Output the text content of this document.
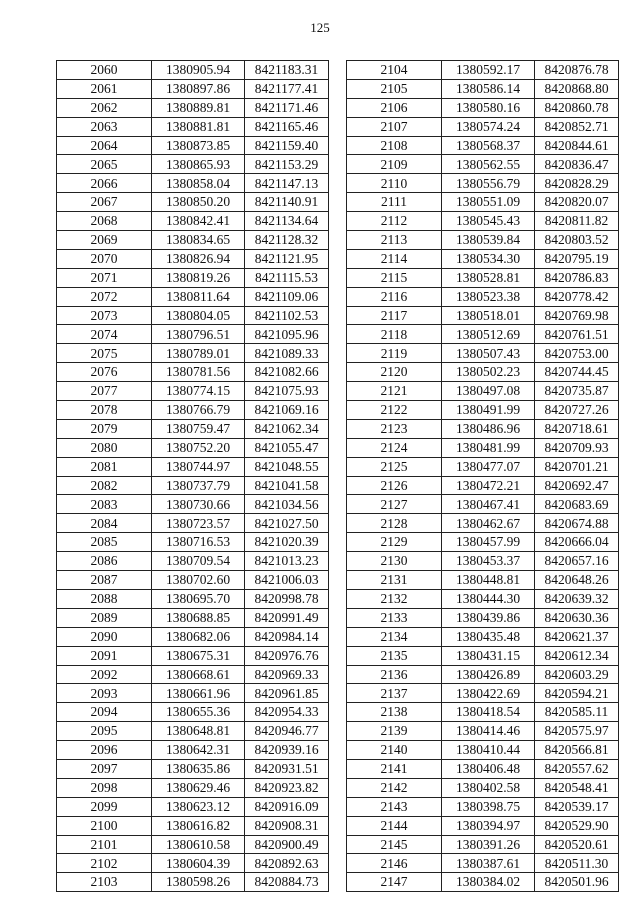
125
2060	1380905.94	8421183.31
2061	1380897.86	8421177.41
2062	1380889.81	8421171.46
2063	1380881.81	8421165.46
2064	1380873.85	8421159.40
2065	1380865.93	8421153.29
2066	1380858.04	8421147.13
2067	1380850.20	8421140.91
2068	1380842.41	8421134.64
2069	1380834.65	8421128.32
2070	1380826.94	8421121.95
2071	1380819.26	8421115.53
2072	1380811.64	8421109.06
2073	1380804.05	8421102.53
2074	1380796.51	8421095.96
2075	1380789.01	8421089.33
2076	1380781.56	8421082.66
2077	1380774.15	8421075.93
2078	1380766.79	8421069.16
2079	1380759.47	8421062.34
2080	1380752.20	8421055.47
2081	1380744.97	8421048.55
2082	1380737.79	8421041.58
2083	1380730.66	8421034.56
2084	1380723.57	8421027.50
2085	1380716.53	8421020.39
2086	1380709.54	8421013.23
2087	1380702.60	8421006.03
2088	1380695.70	8420998.78
2089	1380688.85	8420991.49
2090	1380682.06	8420984.14
2091	1380675.31	8420976.76
2092	1380668.61	8420969.33
2093	1380661.96	8420961.85
2094	1380655.36	8420954.33
2095	1380648.81	8420946.77
2096	1380642.31	8420939.16
2097	1380635.86	8420931.51
2098	1380629.46	8420923.82
2099	1380623.12	8420916.09
2100	1380616.82	8420908.31
2101	1380610.58	8420900.49
2102	1380604.39	8420892.63
2103	1380598.26	8420884.73
2104	1380592.17	8420876.78
2105	1380586.14	8420868.80
2106	1380580.16	8420860.78
2107	1380574.24	8420852.71
2108	1380568.37	8420844.61
2109	1380562.55	8420836.47
2110	1380556.79	8420828.29
2111	1380551.09	8420820.07
2112	1380545.43	8420811.82
2113	1380539.84	8420803.52
2114	1380534.30	8420795.19
2115	1380528.81	8420786.83
2116	1380523.38	8420778.42
2117	1380518.01	8420769.98
2118	1380512.69	8420761.51
2119	1380507.43	8420753.00
2120	1380502.23	8420744.45
2121	1380497.08	8420735.87
2122	1380491.99	8420727.26
2123	1380486.96	8420718.61
2124	1380481.99	8420709.93
2125	1380477.07	8420701.21
2126	1380472.21	8420692.47
2127	1380467.41	8420683.69
2128	1380462.67	8420674.88
2129	1380457.99	8420666.04
2130	1380453.37	8420657.16
2131	1380448.81	8420648.26
2132	1380444.30	8420639.32
2133	1380439.86	8420630.36
2134	1380435.48	8420621.37
2135	1380431.15	8420612.34
2136	1380426.89	8420603.29
2137	1380422.69	8420594.21
2138	1380418.54	8420585.11
2139	1380414.46	8420575.97
2140	1380410.44	8420566.81
2141	1380406.48	8420557.62
2142	1380402.58	8420548.41
2143	1380398.75	8420539.17
2144	1380394.97	8420529.90
2145	1380391.26	8420520.61
2146	1380387.61	8420511.30
2147	1380384.02	8420501.96
